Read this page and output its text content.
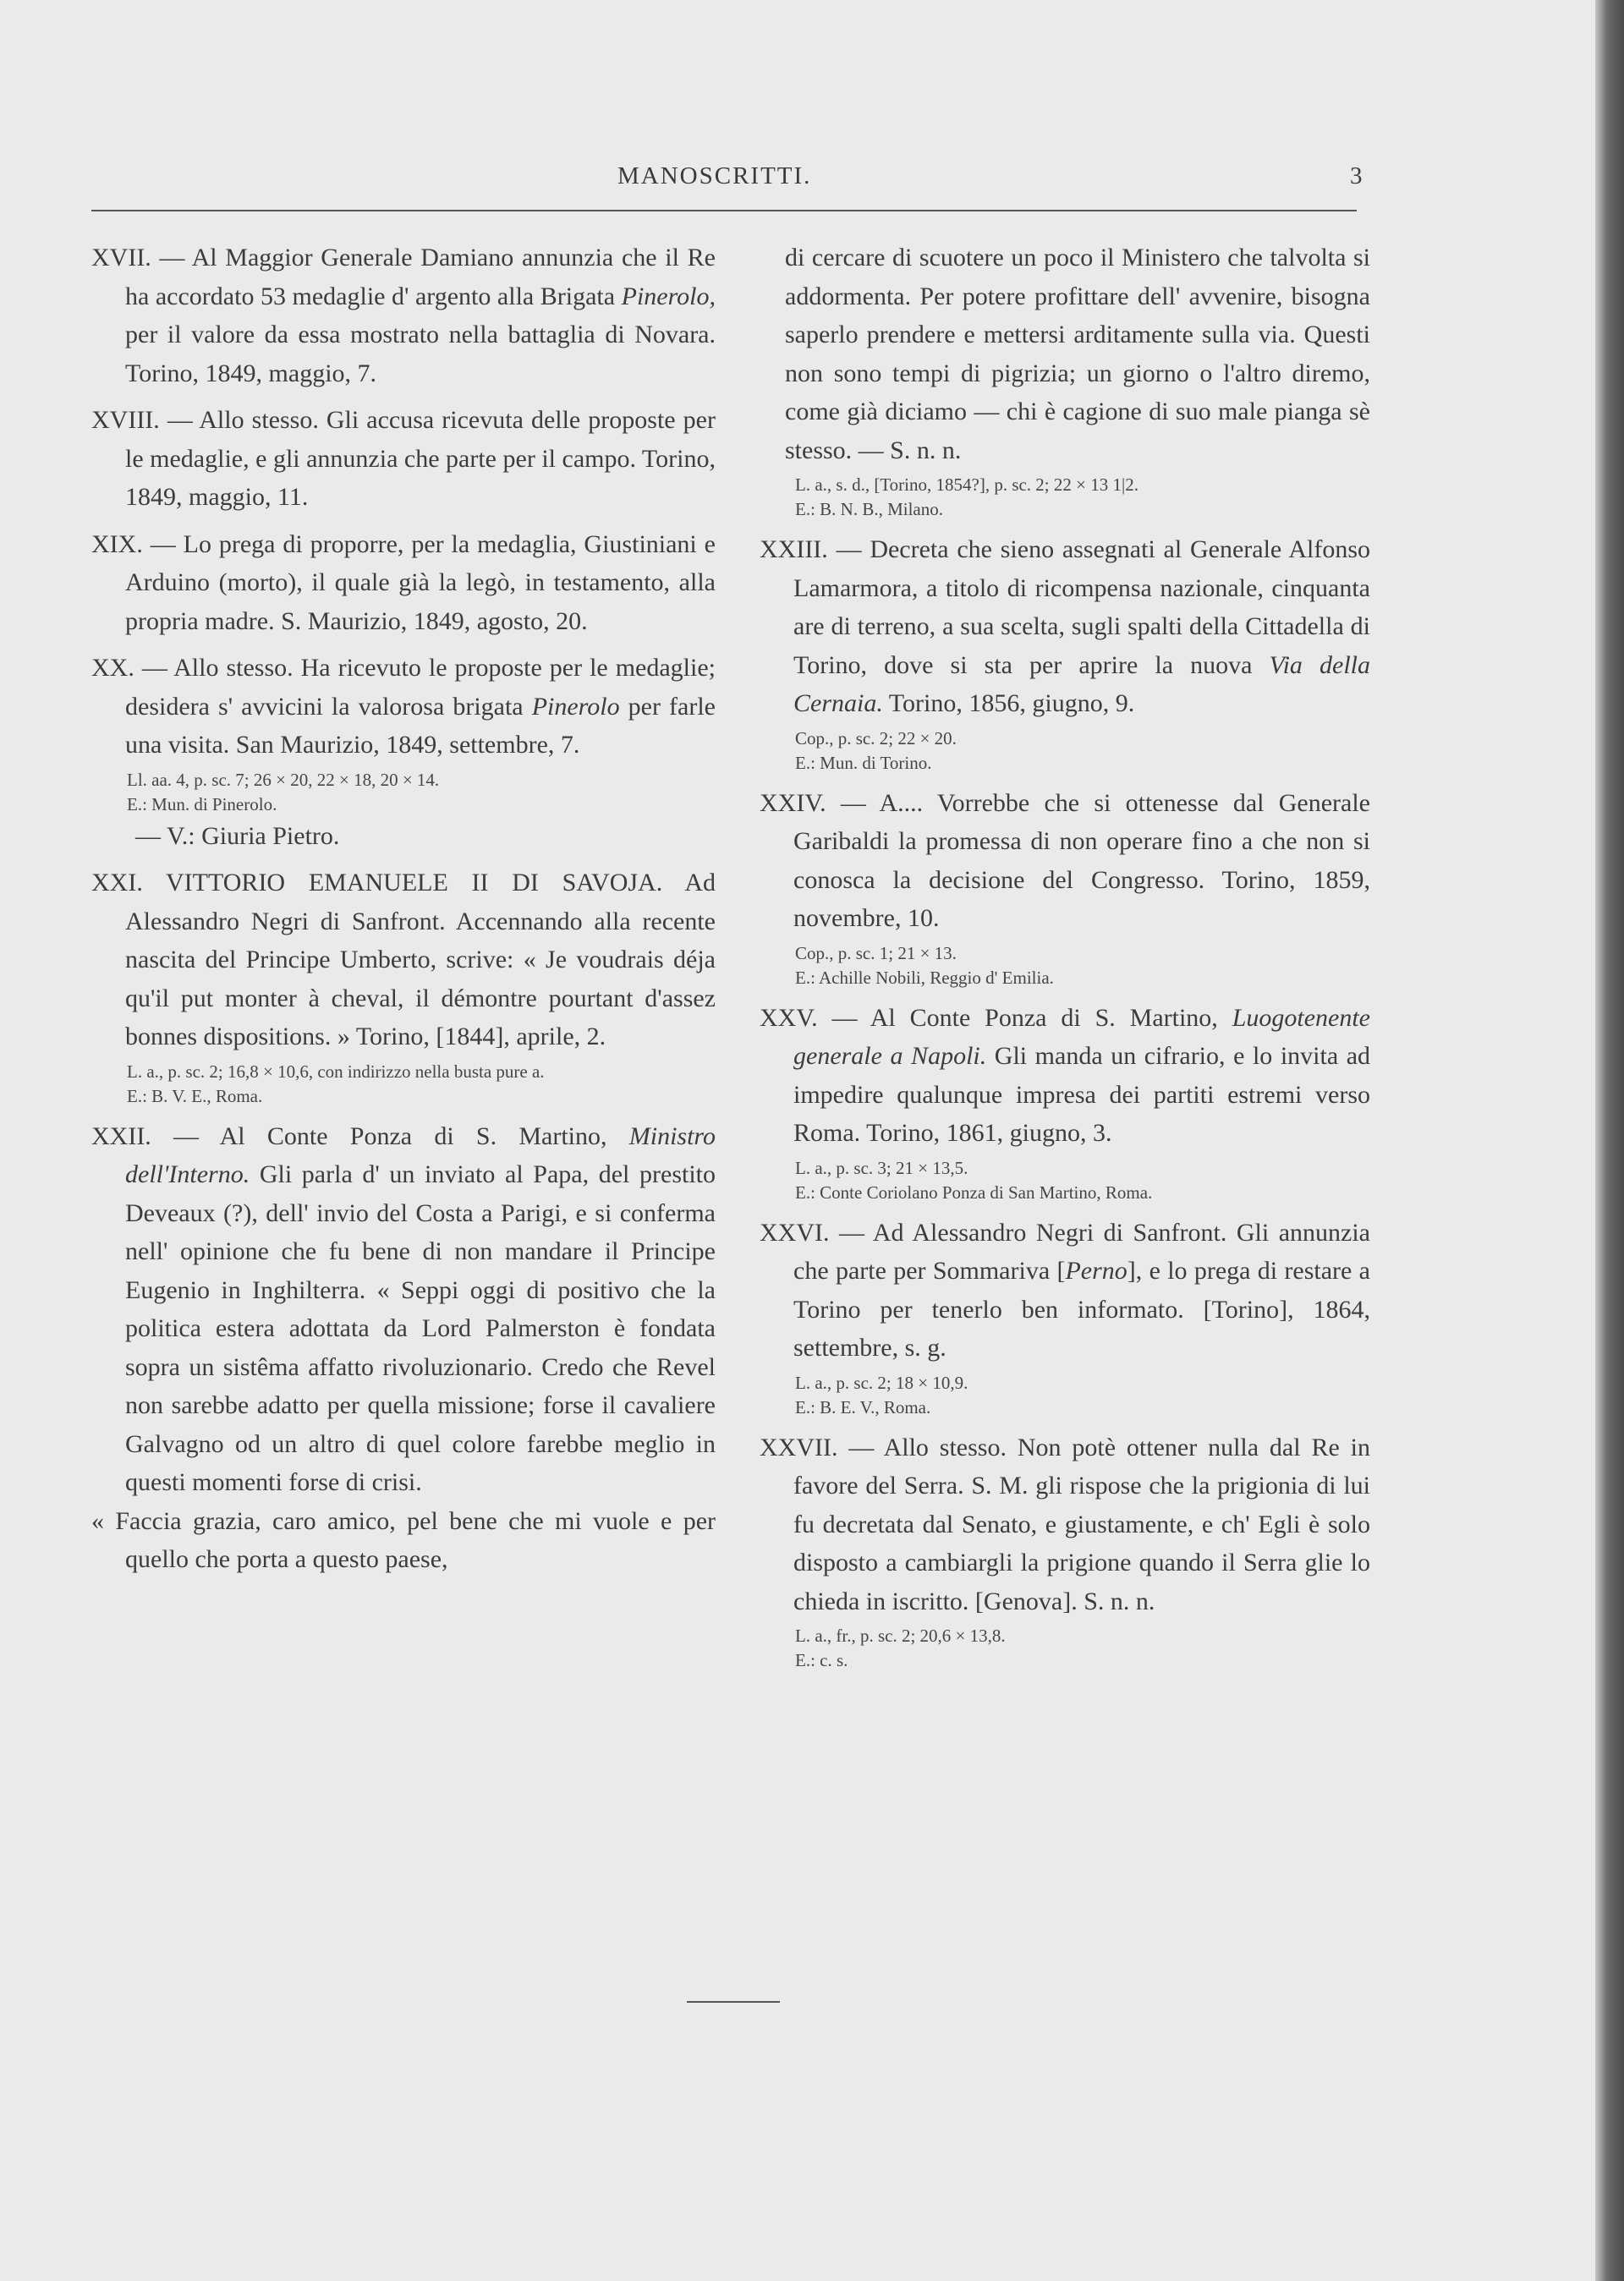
MANOSCRITTI.	3

XVII. — Al Maggior Generale Damiano annunzia che il Re ha accordato 53 medaglie d' argento alla Brigata Pinerolo, per il valore da essa mostrato nella battaglia di Novara. Torino, 1849, maggio, 7.

XVIII. — Allo stesso. Gli accusa ricevuta delle proposte per le medaglie, e gli annunzia che parte per il campo. Torino, 1849, maggio, 11.

XIX. — Lo prega di proporre, per la medaglia, Giustiniani e Arduino (morto), il quale già la legò, in testamento, alla propria madre. S. Maurizio, 1849, agosto, 20.

XX. — Allo stesso. Ha ricevuto le proposte per le medaglie; desidera s' avvicini la valorosa brigata Pinerolo per farle una visita. San Maurizio, 1849, settembre, 7.

Ll. aa. 4, p. sc. 7; 26 × 20, 22 × 18, 20 × 14.

E.: Mun. di Pinerolo.

— V.: Giuria Pietro.

XXI. VITTORIO EMANUELE II DI SAVOJA. Ad Alessandro Negri di Sanfront. Accennando alla recente nascita del Principe Umberto, scrive: « Je voudrais déja qu'il put monter à cheval, il démontre pourtant d'assez bonnes dispositions. » Torino, [1844], aprile, 2.

L. a., p. sc. 2; 16,8 × 10,6, con indirizzo nella busta pure a.

E.: B. V. E., Roma.

XXII. — Al Conte Ponza di S. Martino, Ministro dell'Interno. Gli parla d' un inviato al Papa, del prestito Deveaux (?), dell' invio del Costa a Parigi, e si conferma nell' opinione che fu bene di non mandare il Principe Eugenio in Inghilterra. « Seppi oggi di positivo che la politica estera adottata da Lord Palmerston è fondata sopra un sistêma affatto rivoluzionario. Credo che Revel non sarebbe adatto per quella missione; forse il cavaliere Galvagno od un altro di quel colore farebbe meglio in questi momenti forse di crisi.

« Faccia grazia, caro amico, pel bene che mi vuole e per quello che porta a questo paese,

di cercare di scuotere un poco il Ministero che talvolta si addormenta. Per potere profittare dell' avvenire, bisogna saperlo prendere e mettersi arditamente sulla via. Questi non sono tempi di pigrizia; un giorno o l'altro diremo, come già diciamo — chi è cagione di suo male pianga sè stesso. — S. n. n.

L. a., s. d., [Torino, 1854?], p. sc. 2; 22 × 13 1|2.

E.: B. N. B., Milano.

XXIII. — Decreta che sieno assegnati al Generale Alfonso Lamarmora, a titolo di ricompensa nazionale, cinquanta are di terreno, a sua scelta, sugli spalti della Cittadella di Torino, dove si sta per aprire la nuova Via della Cernaia. Torino, 1856, giugno, 9.

Cop., p. sc. 2; 22 × 20.

E.: Mun. di Torino.

XXIV. — A.... Vorrebbe che si ottenesse dal Generale Garibaldi la promessa di non operare fino a che non si conosca la decisione del Congresso. Torino, 1859, novembre, 10.

Cop., p. sc. 1; 21 × 13.

E.: Achille Nobili, Reggio d' Emilia.

XXV. — Al Conte Ponza di S. Martino, Luogotenente generale a Napoli. Gli manda un cifrario, e lo invita ad impedire qualunque impresa dei partiti estremi verso Roma. Torino, 1861, giugno, 3.

L. a., p. sc. 3; 21 × 13,5.

E.: Conte Coriolano Ponza di San Martino, Roma.

XXVI. — Ad Alessandro Negri di Sanfront. Gli annunzia che parte per Sommariva [Perno], e lo prega di restare a Torino per tenerlo ben informato. [Torino], 1864, settembre, s. g.

L. a., p. sc. 2; 18 × 10,9.

E.: B. E. V., Roma.

XXVII. — Allo stesso. Non potè ottener nulla dal Re in favore del Serra. S. M. gli rispose che la prigionia di lui fu decretata dal Senato, e giustamente, e ch' Egli è solo disposto a cambiargli la prigione quando il Serra glie lo chieda in iscritto. [Genova]. S. n. n.

L. a., fr., p. sc. 2; 20,6 × 13,8.

E.: c. s.
